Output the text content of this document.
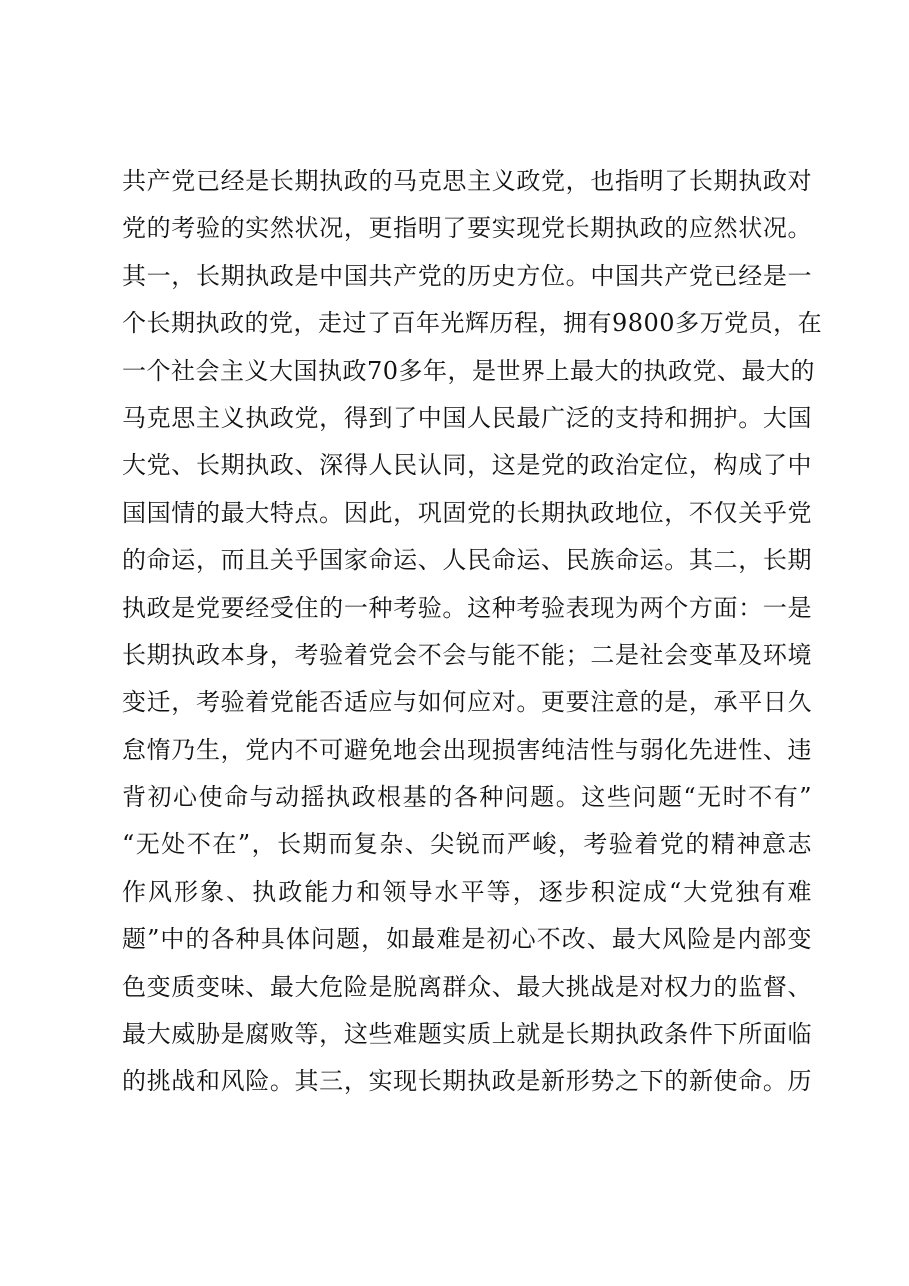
共产党已经是长期执政的马克思主义政党，也指明了长期执政对
党的考验的实然状况，更指明了要实现党长期执政的应然状况。
其一，长期执政是中国共产党的历史方位。中国共产党已经是一
个长期执政的党，走过了百年光辉历程，拥有9800多万党员，在
一个社会主义大国执政70多年，是世界上最大的执政党、最大的
马克思主义执政党，得到了中国人民最广泛的支持和拥护。大国
大党、长期执政、深得人民认同，这是党的政治定位，构成了中
国国情的最大特点。因此，巩固党的长期执政地位，不仅关乎党
的命运，而且关乎国家命运、人民命运、民族命运。其二，长期
执政是党要经受住的一种考验。这种考验表现为两个方面：一是
长期执政本身，考验着党会不会与能不能；二是社会变革及环境
变迁，考验着党能否适应与如何应对。更要注意的是，承平日久
怠惰乃生，党内不可避免地会出现损害纯洁性与弱化先进性、违
背初心使命与动摇执政根基的各种问题。这些问题“无时不有”
“无处不在”，长期而复杂、尖锐而严峻，考验着党的精神意志
作风形象、执政能力和领导水平等，逐步积淀成“大党独有难
题”中的各种具体问题，如最难是初心不改、最大风险是内部变
色变质变味、最大危险是脱离群众、最大挑战是对权力的监督、
最大威胁是腐败等，这些难题实质上就是长期执政条件下所面临
的挑战和风险。其三，实现长期执政是新形势之下的新使命。历
